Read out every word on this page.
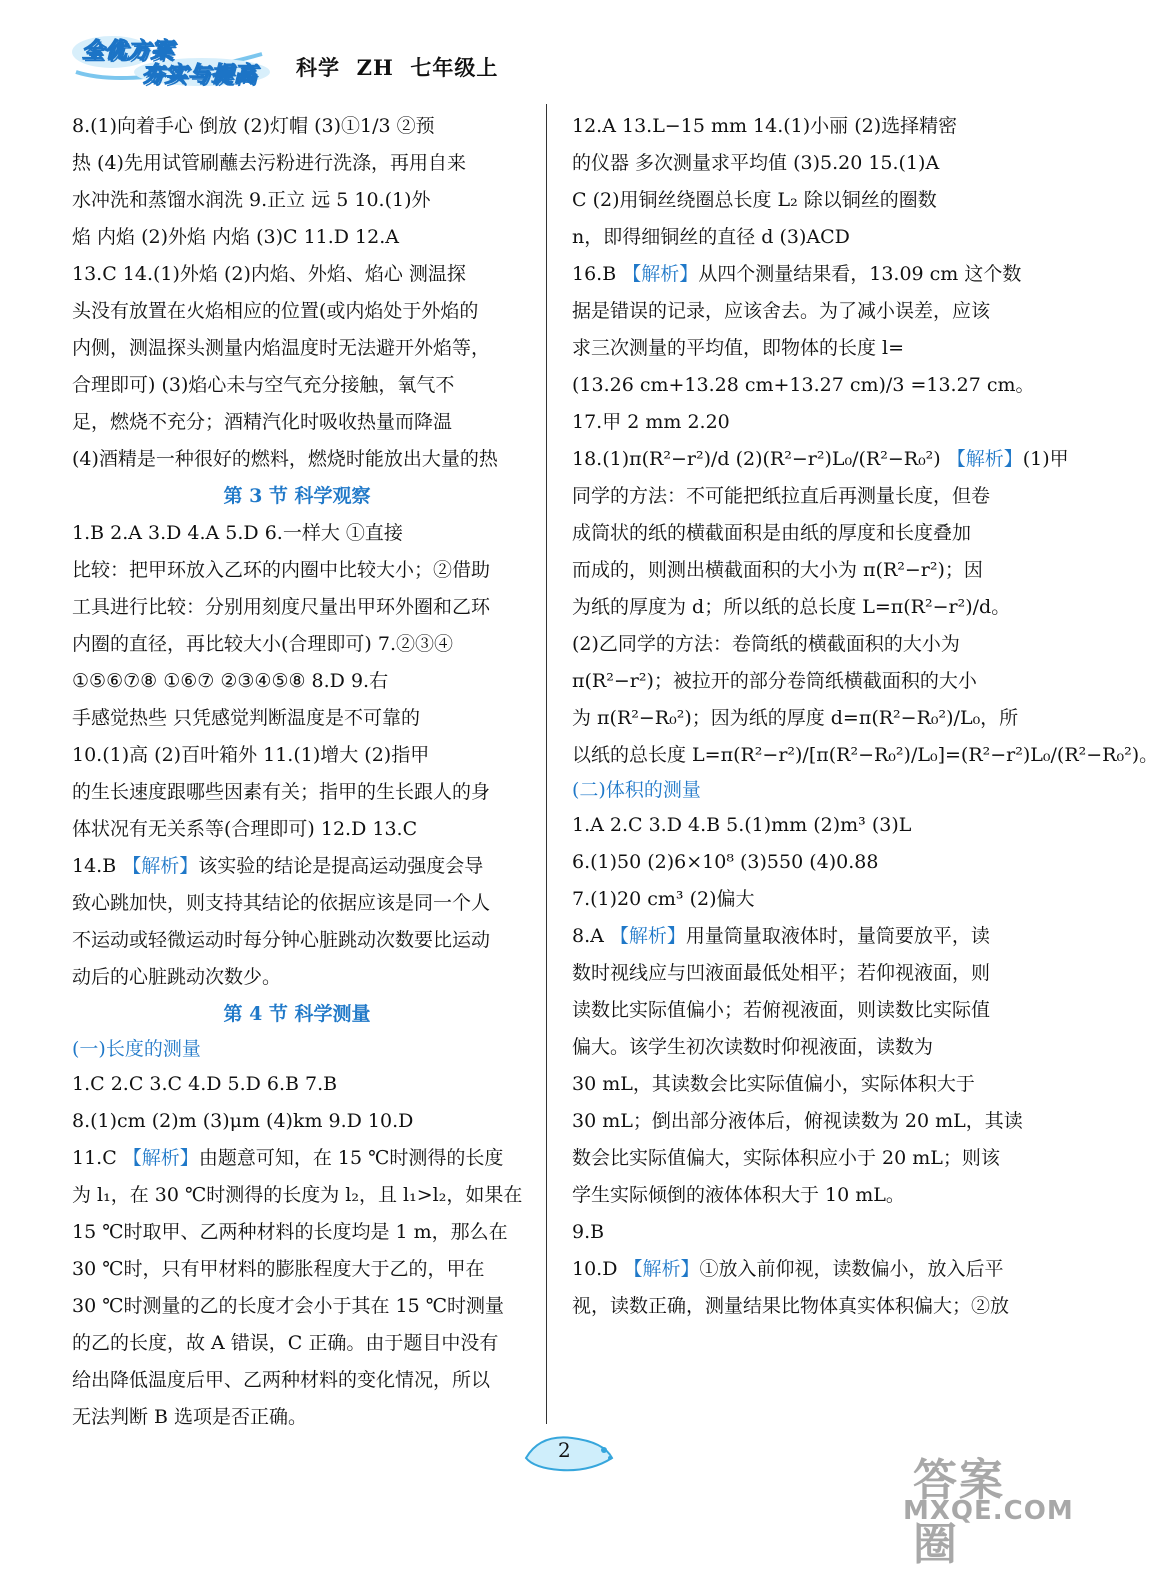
全优方案
夯实与提高 科学  ZH  七年级上
8.(1)向着手心 倒放 (2)灯帽 (3)①1/3 ②预
热 (4)先用试管刷蘸去污粉进行洗涤，再用自来
水冲洗和蒸馏水润洗 9.正立 远 5 10.(1)外
焰 内焰 (2)外焰 内焰 (3)C 11.D 12.A
13.C 14.(1)外焰 (2)内焰、外焰、焰心 测温探
头没有放置在火焰相应的位置(或内焰处于外焰的
内侧，测温探头测量内焰温度时无法避开外焰等，
合理即可) (3)焰心未与空气充分接触，氧气不
足，燃烧不充分；酒精汽化时吸收热量而降温
(4)酒精是一种很好的燃料，燃烧时能放出大量的热
第 3 节 科学观察
1.B 2.A 3.D 4.A 5.D 6.一样大 ①直接
比较：把甲环放入乙环的内圈中比较大小；②借助
工具进行比较：分别用刻度尺量出甲环外圈和乙环
内圈的直径，再比较大小(合理即可) 7.②③④
①⑤⑥⑦⑧ ①⑥⑦ ②③④⑤⑧ 8.D 9.右
手感觉热些 只凭感觉判断温度是不可靠的
10.(1)高 (2)百叶箱外 11.(1)增大 (2)指甲
的生长速度跟哪些因素有关；指甲的生长跟人的身
体状况有无关系等(合理即可) 12.D 13.C
14.B 【解析】该实验的结论是提高运动强度会导
致心跳加快，则支持其结论的依据应该是同一个人
不运动或轻微运动时每分钟心脏跳动次数要比运动
动后的心脏跳动次数少。
第 4 节 科学测量
(一)长度的测量
1.C 2.C 3.C 4.D 5.D 6.B 7.B
8.(1)cm (2)m (3)μm (4)km 9.D 10.D
11.C 【解析】由题意可知，在 15 ℃时测得的长度
为 l₁，在 30 ℃时测得的长度为 l₂，且 l₁>l₂，如果在
15 ℃时取甲、乙两种材料的长度均是 1 m，那么在
30 ℃时，只有甲材料的膨胀程度大于乙的，甲在
30 ℃时测量的乙的长度才会小于其在 15 ℃时测量
的乙的长度，故 A 错误，C 正确。由于题目中没有
给出降低温度后甲、乙两种材料的变化情况，所以
无法判断 B 选项是否正确。
12.A 13.L−15 mm 14.(1)小丽 (2)选择精密
的仪器 多次测量求平均值 (3)5.20 15.(1)A
C (2)用铜丝绕圈总长度 L₂ 除以铜丝的圈数
n，即得细铜丝的直径 d (3)ACD
16.B 【解析】从四个测量结果看，13.09 cm 这个数
据是错误的记录，应该舍去。为了减小误差，应该
求三次测量的平均值，即物体的长度 l=
(13.26 cm+13.28 cm+13.27 cm)/3 =13.27 cm。
17.甲 2 mm 2.20
18.(1)π(R²−r²)/d (2)(R²−r²)L₀/(R²−R₀²) 【解析】(1)甲
同学的方法：不可能把纸拉直后再测量长度，但卷
成筒状的纸的横截面积是由纸的厚度和长度叠加
而成的，则测出横截面积的大小为 π(R²−r²)；因
为纸的厚度为 d；所以纸的总长度 L=π(R²−r²)/d。
(2)乙同学的方法：卷筒纸的横截面积的大小为
π(R²−r²)；被拉开的部分卷筒纸横截面积的大小
为 π(R²−R₀²)；因为纸的厚度 d=π(R²−R₀²)/L₀，所
以纸的总长度 L=π(R²−r²)/[π(R²−R₀²)/L₀]=(R²−r²)L₀/(R²−R₀²)。
(二)体积的测量
1.A 2.C 3.D 4.B 5.(1)mm (2)m³ (3)L
6.(1)50 (2)6×10⁸ (3)550 (4)0.88
7.(1)20 cm³ (2)偏大
8.A 【解析】用量筒量取液体时，量筒要放平，读
数时视线应与凹液面最低处相平；若仰视液面，则
读数比实际值偏小；若俯视液面，则读数比实际值
偏大。该学生初次读数时仰视液面，读数为
30 mL，其读数会比实际值偏小，实际体积大于
30 mL；倒出部分液体后，俯视读数为 20 mL，其读
数会比实际值偏大，实际体积应小于 20 mL；则该
学生实际倾倒的液体体积大于 10 mL。
9.B
10.D 【解析】①放入前仰视，读数偏小，放入后平
视，读数正确，测量结果比物体真实体积偏大；②放
2
答案圈
MXQE.COM
